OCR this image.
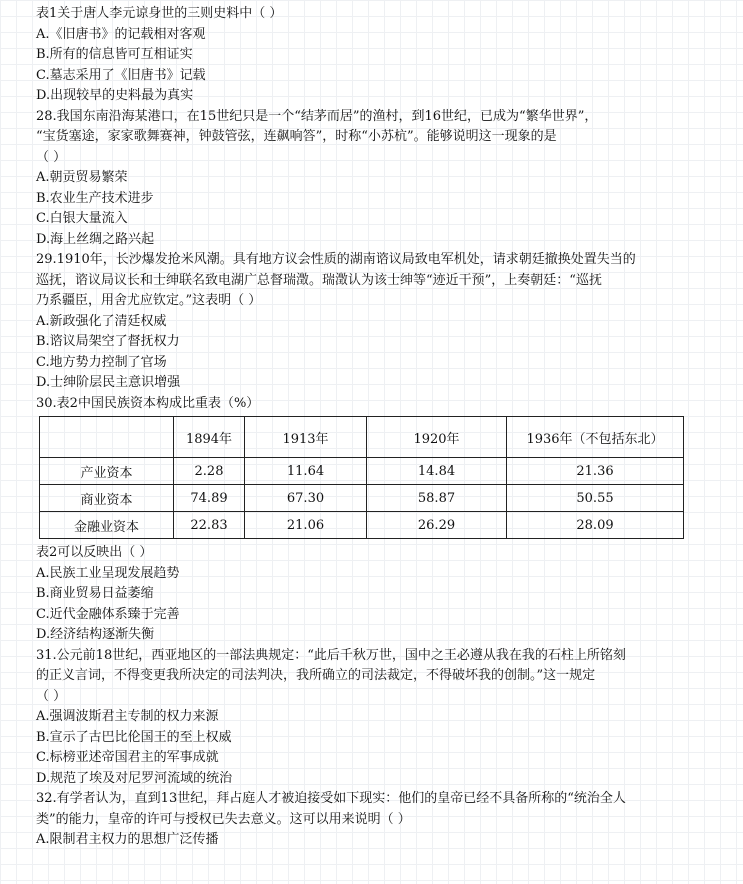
表1关于唐人李元谅身世的三则史料中（ ）
A.《旧唐书》的记载相对客观
B.所有的信息皆可互相证实
C.墓志采用了《旧唐书》记载
D.出现较早的史料最为真实
28.我国东南沿海某港口，在15世纪只是一个“结茅而居”的渔村，到16世纪，已成为“繁华世界”，
“宝货塞途，家家歌舞赛神，钟鼓管弦，连飙响答”，时称“小苏杭”。能够说明这一现象的是
（ ）
A.朝贡贸易繁荣
B.农业生产技术进步
C.白银大量流入
D.海上丝绸之路兴起
29.1910年，长沙爆发抢米风潮。具有地方议会性质的湖南谘议局致电军机处，请求朝廷撤换处置失当的
巡抚，谘议局议长和士绅联名致电湖广总督瑞澂。瑞澂认为该士绅等“迹近干预”，上奏朝廷：“巡抚
乃系疆臣，用舍尤应钦定。”这表明（ ）
A.新政强化了清廷权威
B.谘议局架空了督抚权力
C.地方势力控制了官场
D.士绅阶层民主意识增强
30.表2中国民族资本构成比重表（%）
	1894年	1913年	1920年	1936年（不包括东北）
产业资本	2.28	11.64	14.84	21.36
商业资本	74.89	67.30	58.87	50.55
金融业资本	22.83	21.06	26.29	28.09
表2可以反映出（ ）
A.民族工业呈现发展趋势
B.商业贸易日益萎缩
C.近代金融体系臻于完善
D.经济结构逐渐失衡
31.公元前18世纪，西亚地区的一部法典规定：“此后千秋万世，国中之王必遵从我在我的石柱上所铭刻
的正义言词，不得变更我所决定的司法判决，我所确立的司法裁定，不得破坏我的创制。”这一规定
（ ）
A.强调波斯君主专制的权力来源
B.宣示了古巴比伦国王的至上权威
C.标榜亚述帝国君主的军事成就
D.规范了埃及对尼罗河流域的统治
32.有学者认为，直到13世纪，拜占庭人才被迫接受如下现实：他们的皇帝已经不具备所称的“统治全人
类”的能力，皇帝的许可与授权已失去意义。这可以用来说明（ ）
A.限制君主权力的思想广泛传播
